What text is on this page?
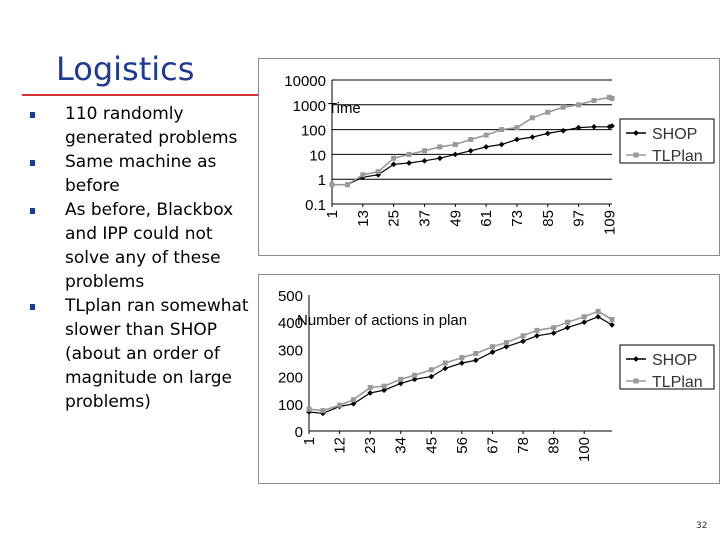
Logistics
110 randomly generated problems
Same machine as before
As before, Blackbox and IPP could not solve any of these problems
TLplan ran somewhat slower than SHOP (about an order of magnitude on large problems)
10000
1000
100
10
1
0.1
1 13 25 37 49 61 73 85 97 109
Time
SHOP
TLPlan
500
400
300
200
100
0
1 12 23 34 45 56 67 78 89 100
Number of actions in plan
SHOP
TLPlan
32
